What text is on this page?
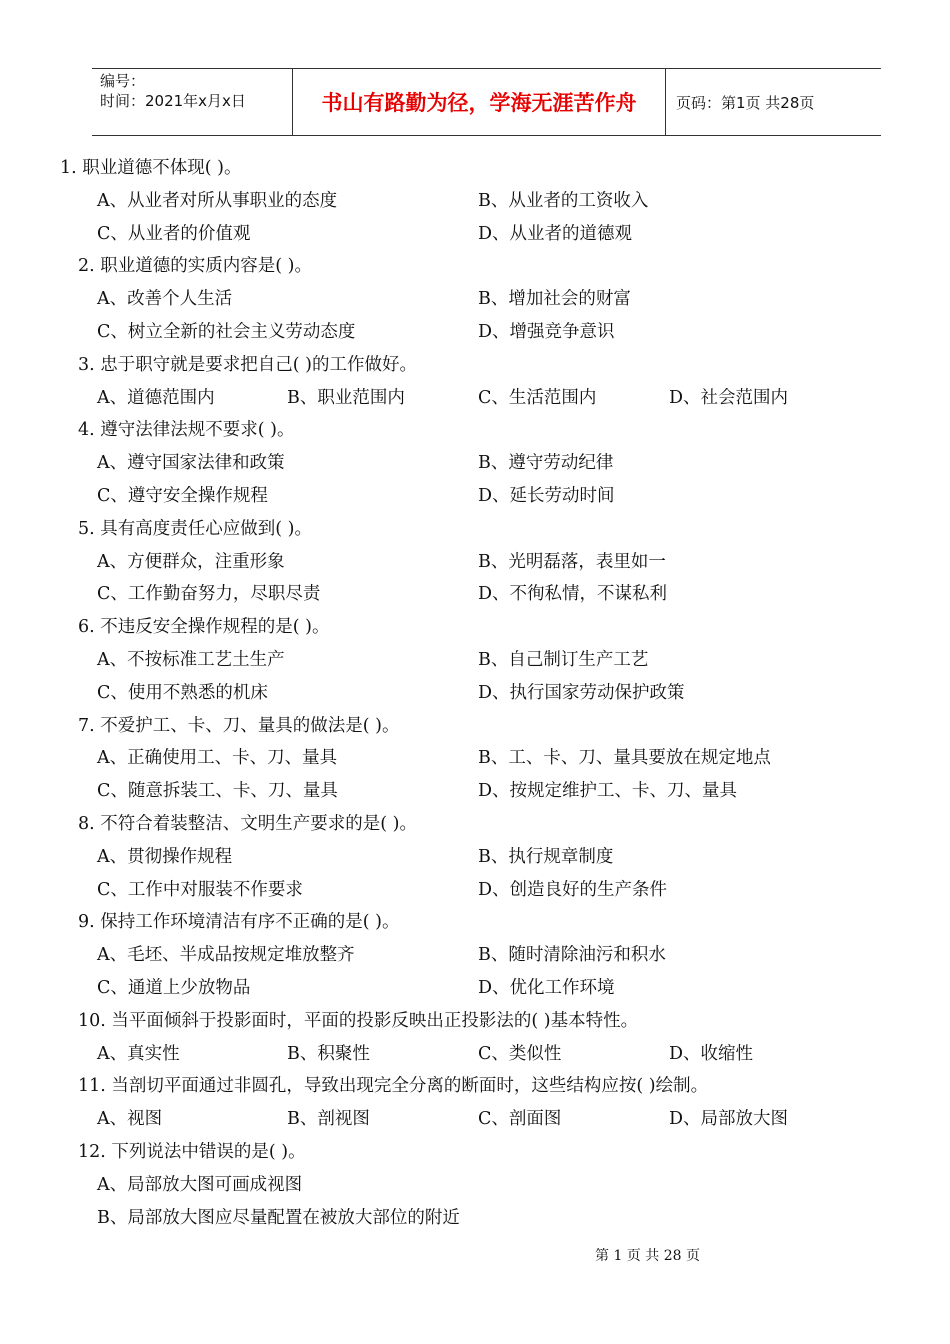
编号：
时间：2021年x月x日	书山有路勤为径，学海无涯苦作舟	页码：第1页 共28页
1. 职业道德不体现( )。
A、从业者对所从事职业的态度	B、从业者的工资收入
C、从业者的价值观	D、从业者的道德观
2. 职业道德的实质内容是( )。
A、改善个人生活	B、增加社会的财富
C、树立全新的社会主义劳动态度	D、增强竞争意识
3. 忠于职守就是要求把自己( )的工作做好。
A、道德范围内	B、职业范围内	C、生活范围内	D、社会范围内
4. 遵守法律法规不要求( )。
A、遵守国家法律和政策	B、遵守劳动纪律
C、遵守安全操作规程	D、延长劳动时间
5. 具有高度责任心应做到( )。
A、方便群众，注重形象	B、光明磊落，表里如一
C、工作勤奋努力，尽职尽责	D、不徇私情，不谋私利
6. 不违反安全操作规程的是( )。
A、不按标准工艺土生产	B、自己制订生产工艺
C、使用不熟悉的机床	D、执行国家劳动保护政策
7. 不爱护工、卡、刀、量具的做法是( )。
A、正确使用工、卡、刀、量具	B、工、卡、刀、量具要放在规定地点
C、随意拆装工、卡、刀、量具	D、按规定维护工、卡、刀、量具
8. 不符合着装整洁、文明生产要求的是( )。
A、贯彻操作规程	B、执行规章制度
C、工作中对服装不作要求	D、创造良好的生产条件
9. 保持工作环境清洁有序不正确的是( )。
A、毛坯、半成品按规定堆放整齐	B、随时清除油污和积水
C、通道上少放物品	D、优化工作环境
10. 当平面倾斜于投影面时，平面的投影反映出正投影法的( )基本特性。
A、真实性	B、积聚性	C、类似性	D、收缩性
11. 当剖切平面通过非圆孔，导致出现完全分离的断面时，这些结构应按( )绘制。
A、视图	B、剖视图	C、剖面图	D、局部放大图
12. 下列说法中错误的是( )。
A、局部放大图可画成视图
B、局部放大图应尽量配置在被放大部位的附近
第 1 页 共 28 页
